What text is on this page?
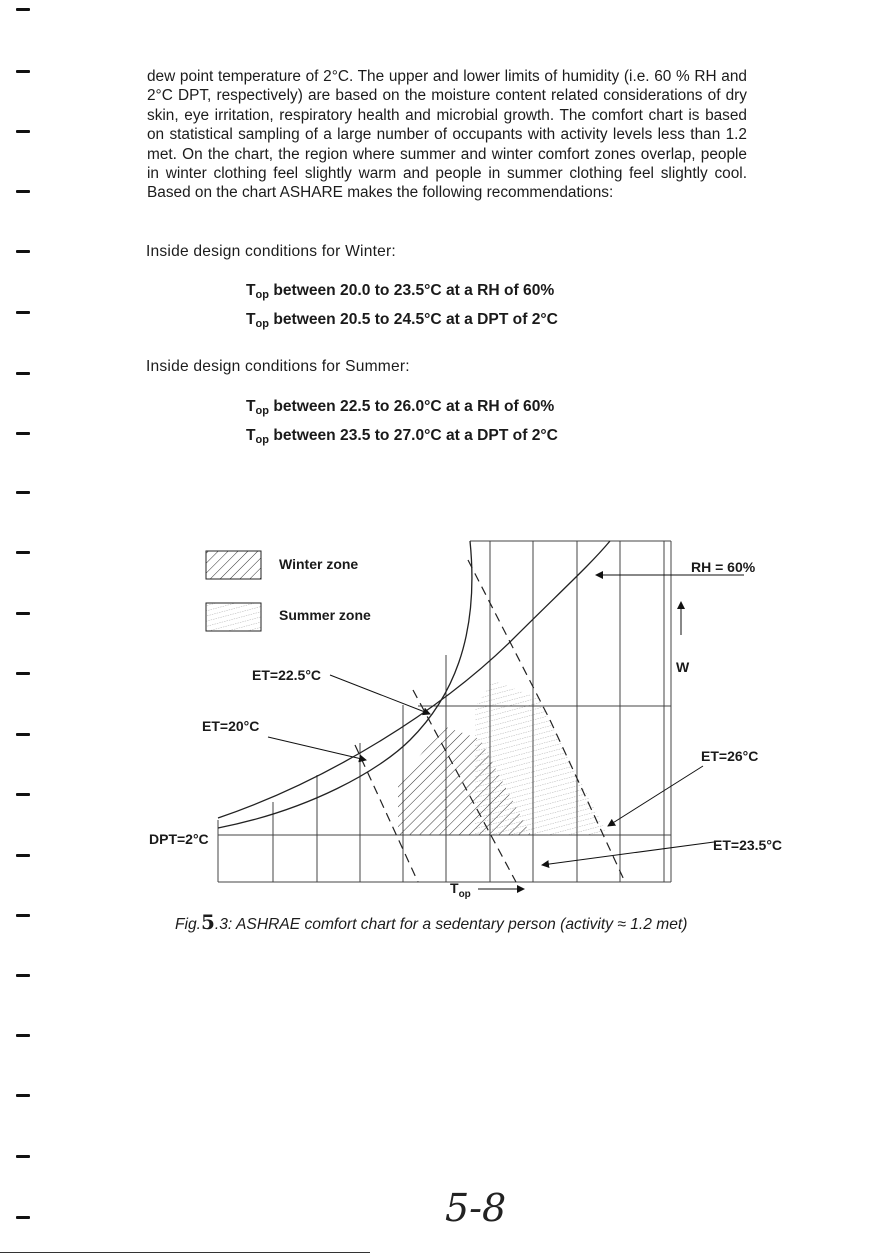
dew point temperature of 2°C. The upper and lower limits of humidity (i.e. 60 % RH and 2°C DPT, respectively) are based on the moisture content related considerations of dry skin, eye irritation, respiratory health and microbial growth. The comfort chart is based on statistical sampling of a large number of occupants with activity levels less than 1.2 met. On the chart, the region where summer and winter comfort zones overlap, people in winter clothing feel slightly warm and people in summer clothing feel slightly cool. Based on the chart ASHARE makes the following recommendations:

Inside design conditions for Winter:
$T_{op}$ between 20.0 to 23.5°C at a RH of 60%
$T_{op}$ between 20.5 to 24.5°C at a DPT of 2°C
Inside design conditions for Summer:
$T_{op}$ between 22.5 to 26.0°C at a RH of 60%
$T_{op}$ between 23.5 to 27.0°C at a DPT of 2°C
Winter zone
Summer zone
RH = 60%
W
ET=22.5°C
ET=20°C
ET=26°C
ET=23.5°C
DPT=2°C
$T_{op}$
Fig.5.3: ASHRAE comfort chart for a sedentary person (activity ≈ 1.2 met)
5-8
